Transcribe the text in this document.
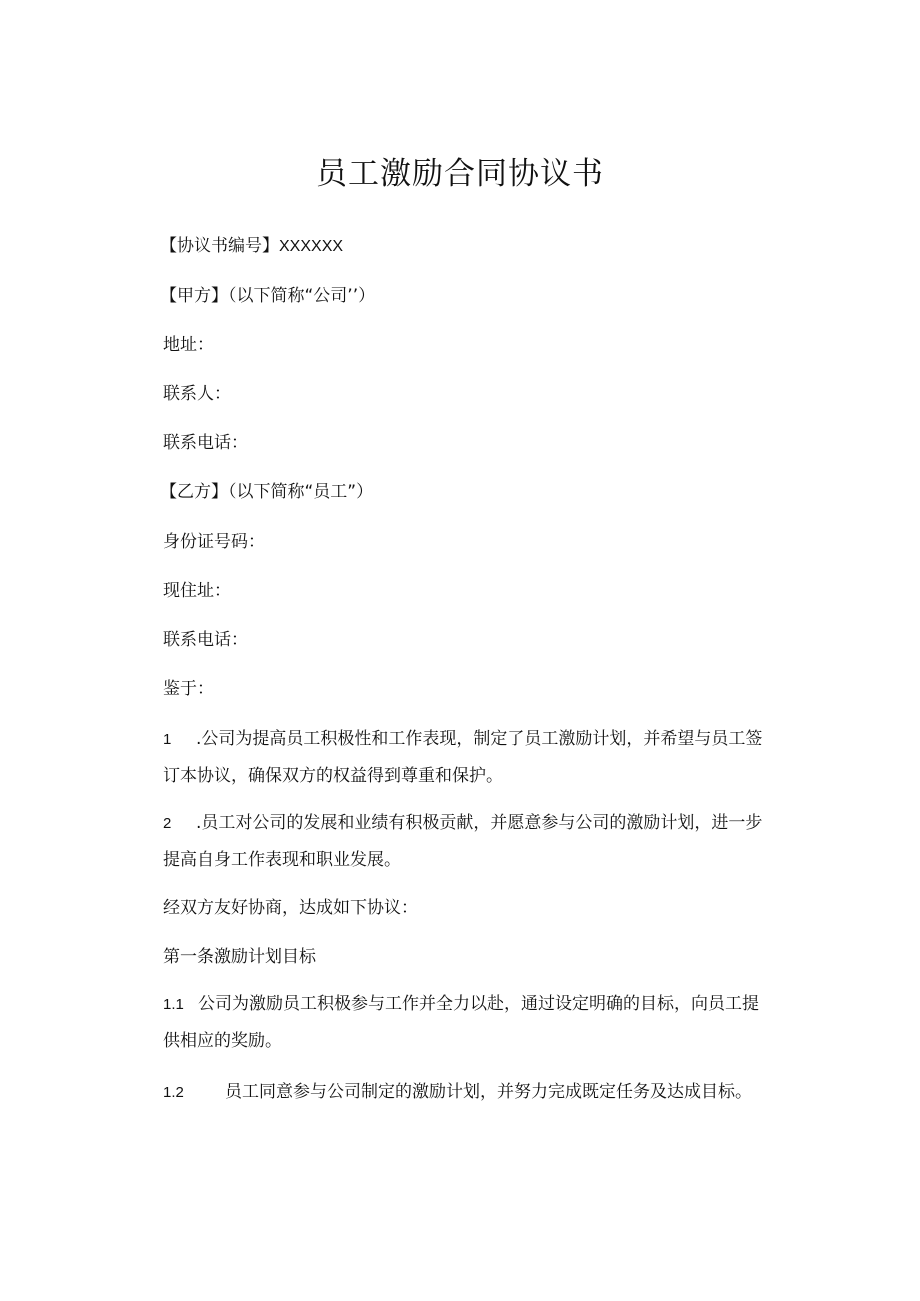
员工激励合同协议书
【协议书编号】XXXXXX
【甲方】（以下简称“公司’’）
地址：
联系人：
联系电话：
【乙方】（以下简称“员工”）
身份证号码：
现住址：
联系电话：
鉴于：
1 .公司为提高员工积极性和工作表现，制定了员工激励计划，并希望与员工签订本协议，确保双方的权益得到尊重和保护。
2 .员工对公司的发展和业绩有积极贡献，并愿意参与公司的激励计划，进一步提高自身工作表现和职业发展。
经双方友好协商，达成如下协议：
第一条激励计划目标
1.1 公司为激励员工积极参与工作并全力以赴，通过设定明确的目标，向员工提供相应的奖励。
1.2 员工同意参与公司制定的激励计划，并努力完成既定任务及达成目标。
